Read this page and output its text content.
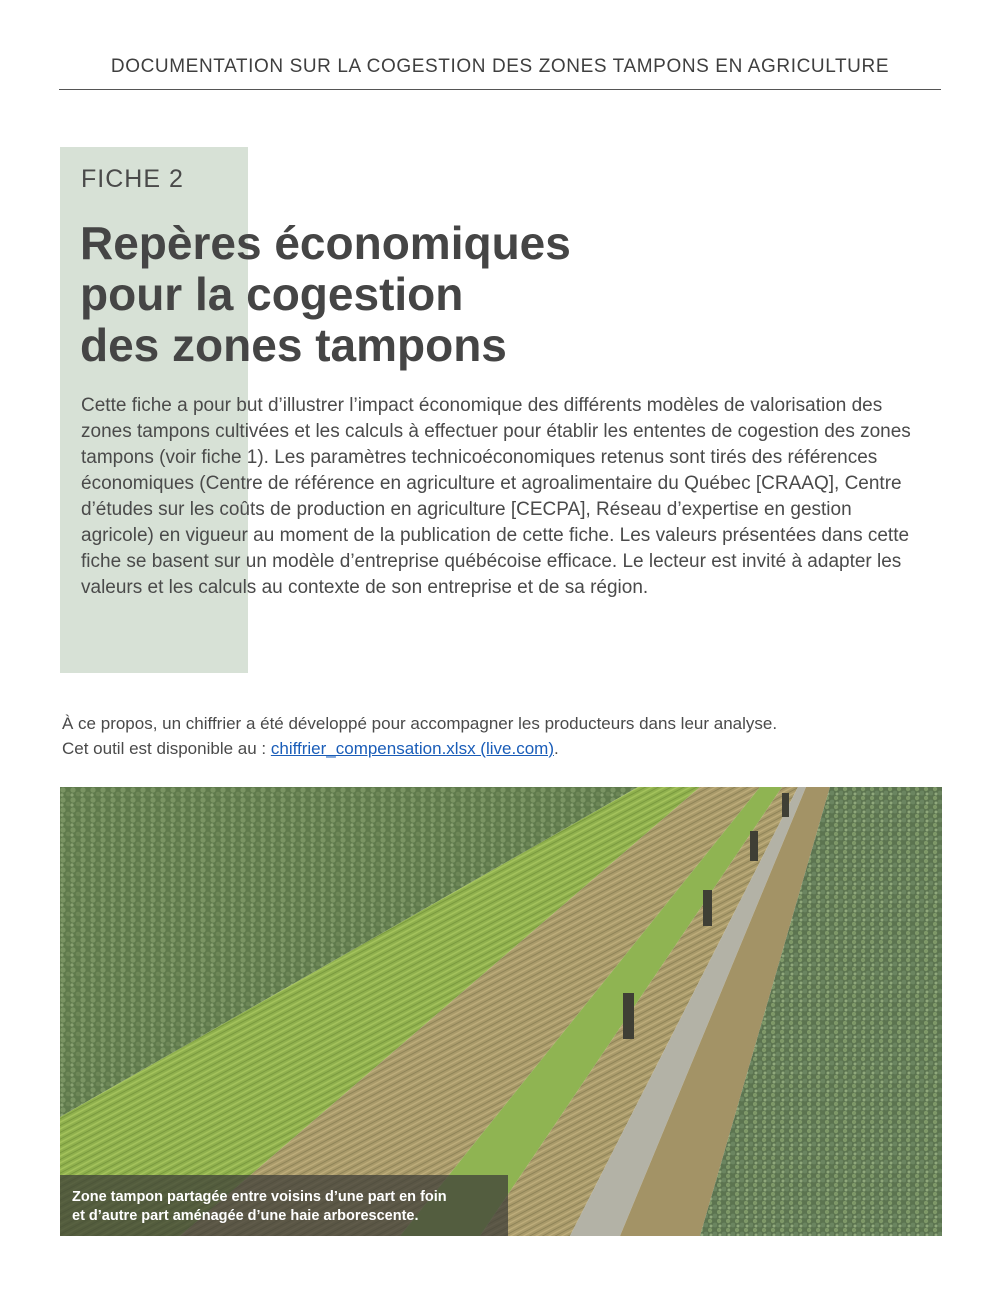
DOCUMENTATION SUR LA COGESTION DES ZONES TAMPONS EN AGRICULTURE
FICHE 2
Repères économiques
pour la cogestion
des zones tampons

Cette fiche a pour but d’illustrer l’impact économique des différents modèles de valorisation des zones tampons cultivées et les calculs à effectuer pour établir les ententes de cogestion des zones tampons (voir fiche 1). Les paramètres technicoéconomiques retenus sont tirés des références économiques (Centre de référence en agriculture et agroalimentaire du Québec [CRAAQ], Centre d’études sur les coûts de production en agriculture [CECPA], Réseau d’expertise en gestion agricole) en vigueur au moment de la publication de cette fiche. Les valeurs présentées dans cette fiche se basent sur un modèle d’entreprise québécoise efficace. Le lecteur est invité à adapter les valeurs et les calculs au contexte de son entreprise et de sa région.

À ce propos, un chiffrier a été développé pour accompagner les producteurs dans leur analyse.
Cet outil est disponible au : chiffrier_compensation.xlsx (live.com).

Zone tampon partagée entre voisins d’une part en foin
et d’autre part aménagée d’une haie arborescente.
